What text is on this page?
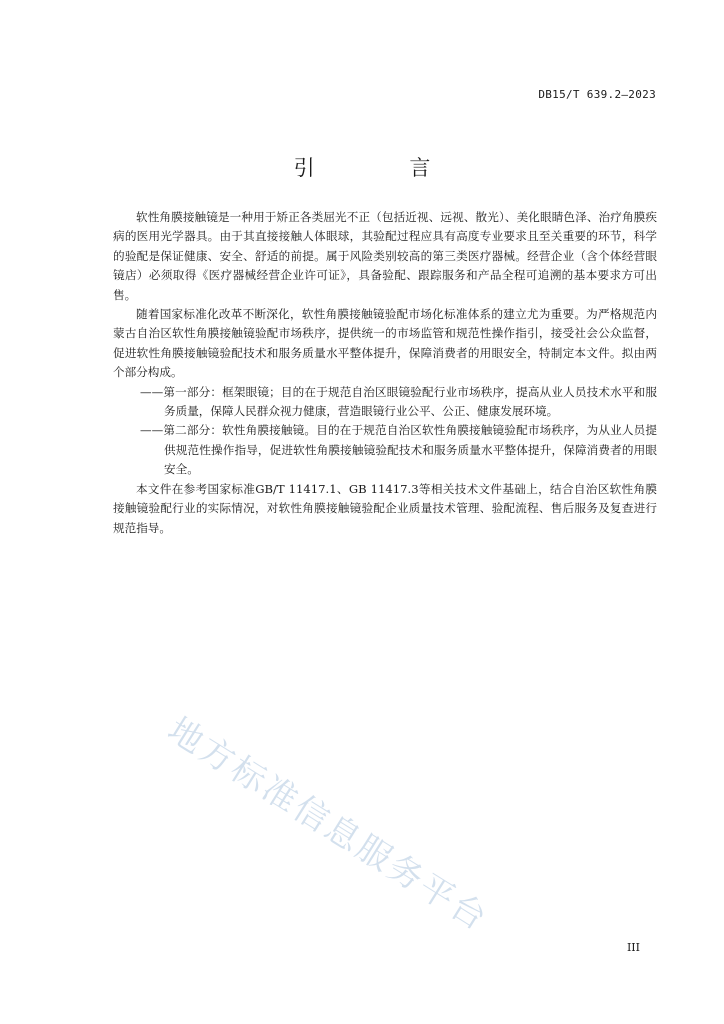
DB15/T 639.2—2023
引 言

软性角膜接触镜是一种用于矫正各类屈光不正（包括近视、远视、散光）、美化眼睛色泽、治疗角膜疾病的医用光学器具。由于其直接接触人体眼球，其验配过程应具有高度专业要求且至关重要的环节，科学的验配是保证健康、安全、舒适的前提。属于风险类别较高的第三类医疗器械。经营企业（含个体经营眼镜店）必须取得《医疗器械经营企业许可证》，具备验配、跟踪服务和产品全程可追溯的基本要求方可出售。

随着国家标准化改革不断深化，软性角膜接触镜验配市场化标准体系的建立尤为重要。为严格规范内蒙古自治区软性角膜接触镜验配市场秩序，提供统一的市场监管和规范性操作指引，接受社会公众监督，促进软性角膜接触镜验配技术和服务质量水平整体提升，保障消费者的用眼安全，特制定本文件。拟由两个部分构成。

——第一部分：框架眼镜；目的在于规范自治区眼镜验配行业市场秩序，提高从业人员技术水平和服务质量，保障人民群众视力健康，营造眼镜行业公平、公正、健康发展环境。

——第二部分：软性角膜接触镜。目的在于规范自治区软性角膜接触镜验配市场秩序，为从业人员提供规范性操作指导，促进软性角膜接触镜验配技术和服务质量水平整体提升，保障消费者的用眼安全。

本文件在参考国家标准GB/T 11417.1、GB 11417.3等相关技术文件基础上，结合自治区软性角膜接触镜验配行业的实际情况，对软性角膜接触镜验配企业质量技术管理、验配流程、售后服务及复查进行规范指导。

地方标准信息服务平台
III
